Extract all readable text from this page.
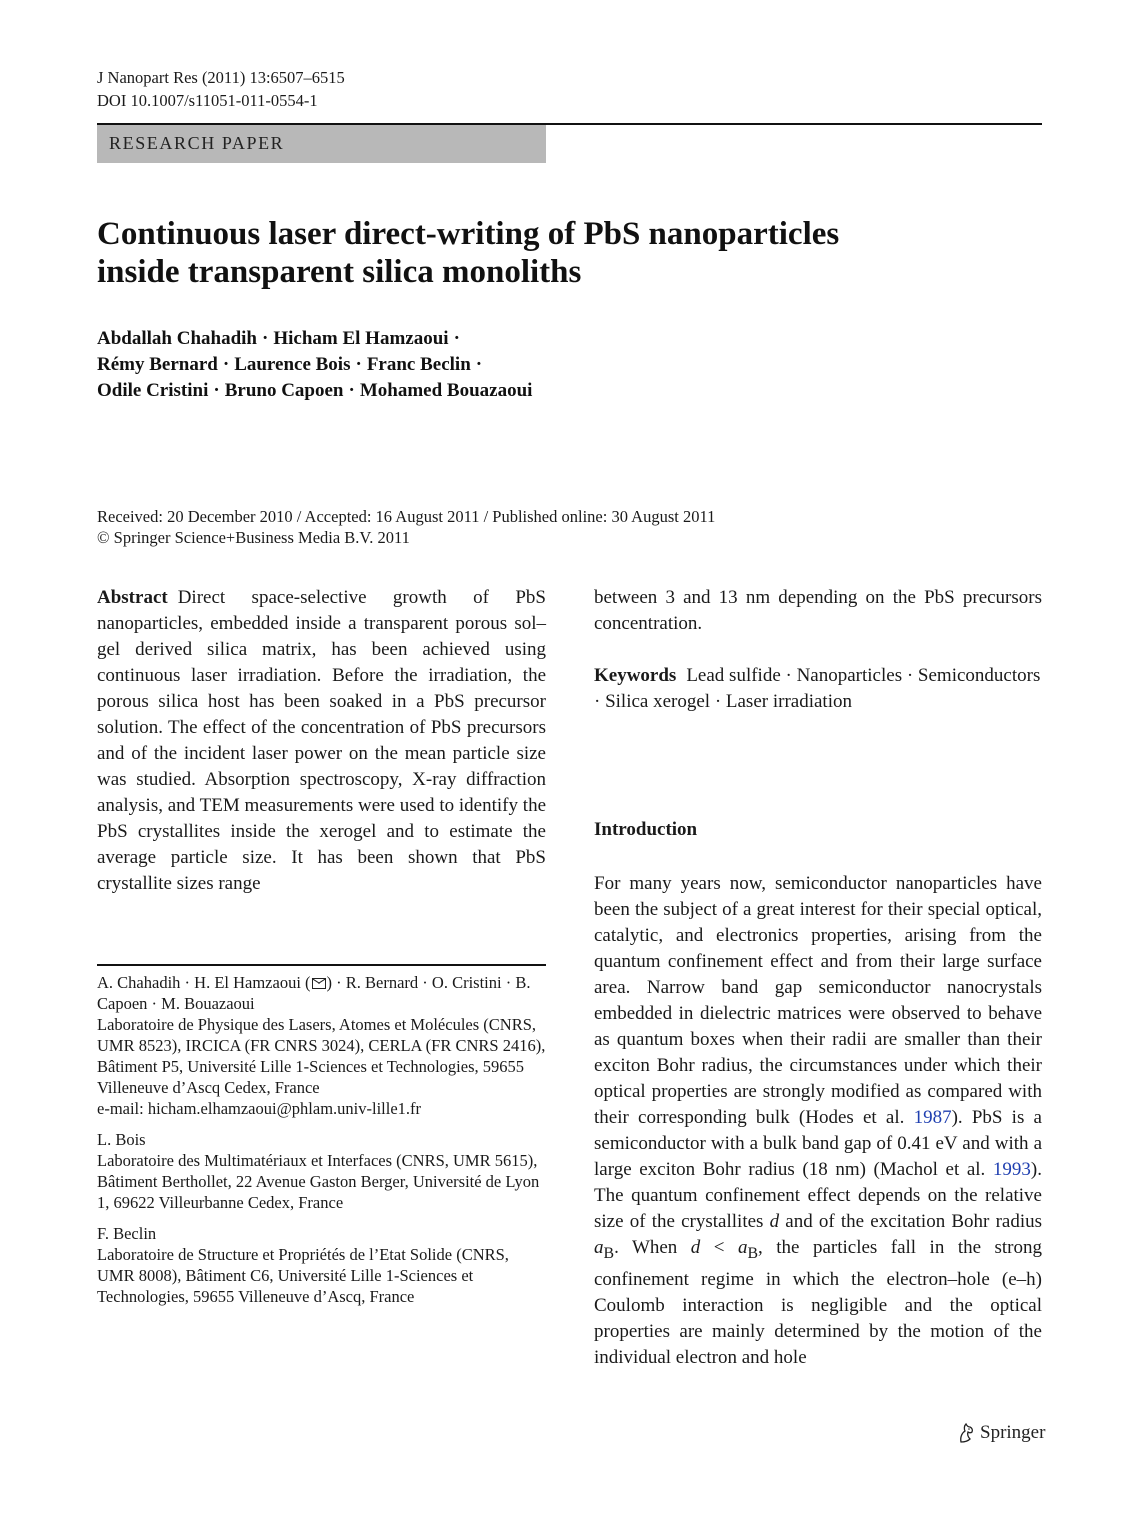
J Nanopart Res (2011) 13:6507–6515
DOI 10.1007/s11051-011-0554-1
RESEARCH PAPER
Continuous laser direct-writing of PbS nanoparticles
inside transparent silica monoliths
Abdallah Chahadih · Hicham El Hamzaoui ·
Rémy Bernard · Laurence Bois · Franc Beclin ·
Odile Cristini · Bruno Capoen · Mohamed Bouazaoui
Received: 20 December 2010 / Accepted: 16 August 2011 / Published online: 30 August 2011
© Springer Science+Business Media B.V. 2011

Abstract Direct space-selective growth of PbS nanoparticles, embedded inside a transparent porous sol–gel derived silica matrix, has been achieved using continuous laser irradiation. Before the irradiation, the porous silica host has been soaked in a PbS precursor solution. The effect of the concentration of PbS precursors and of the incident laser power on the mean particle size was studied. Absorption spectroscopy, X-ray diffraction analysis, and TEM measurements were used to identify the PbS crystallites inside the xerogel and to estimate the average particle size. It has been shown that PbS crystallite sizes range

between 3 and 13 nm depending on the PbS precursors concentration.

Keywords Lead sulfide · Nanoparticles · Semiconductors · Silica xerogel · Laser irradiation

Introduction

For many years now, semiconductor nanoparticles have been the subject of a great interest for their special optical, catalytic, and electronics properties, arising from the quantum confinement effect and from their large surface area. Narrow band gap semiconductor nanocrystals embedded in dielectric matrices were observed to behave as quantum boxes when their radii are smaller than their exciton Bohr radius, the circumstances under which their optical properties are strongly modified as compared with their corresponding bulk (Hodes et al. 1987). PbS is a semiconductor with a bulk band gap of 0.41 eV and with a large exciton Bohr radius (18 nm) (Machol et al. 1993). The quantum confinement effect depends on the relative size of the crystallites d and of the excitation Bohr radius $a_B$. When $d < a_B$, the particles fall in the strong confinement regime in which the electron–hole (e–h) Coulomb interaction is negligible and the optical properties are mainly determined by the motion of the individual electron and hole

A. Chahadih · H. El Hamzaoui ( ) · R. Bernard · O. Cristini · B. Capoen · M. Bouazaoui
Laboratoire de Physique des Lasers, Atomes et Molécules (CNRS, UMR 8523), IRCICA (FR CNRS 3024), CERLA (FR CNRS 2416), Bâtiment P5, Université Lille 1-Sciences et Technologies, 59655 Villeneuve d’Ascq Cedex, France
e-mail: hicham.elhamzaoui@phlam.univ-lille1.fr
L. Bois
Laboratoire des Multimatériaux et Interfaces (CNRS, UMR 5615), Bâtiment Berthollet, 22 Avenue Gaston Berger, Université de Lyon 1, 69622 Villeurbanne Cedex, France
F. Beclin
Laboratoire de Structure et Propriétés de l’Etat Solide (CNRS, UMR 8008), Bâtiment C6, Université Lille 1-Sciences et Technologies, 59655 Villeneuve d’Ascq, France
Springer
